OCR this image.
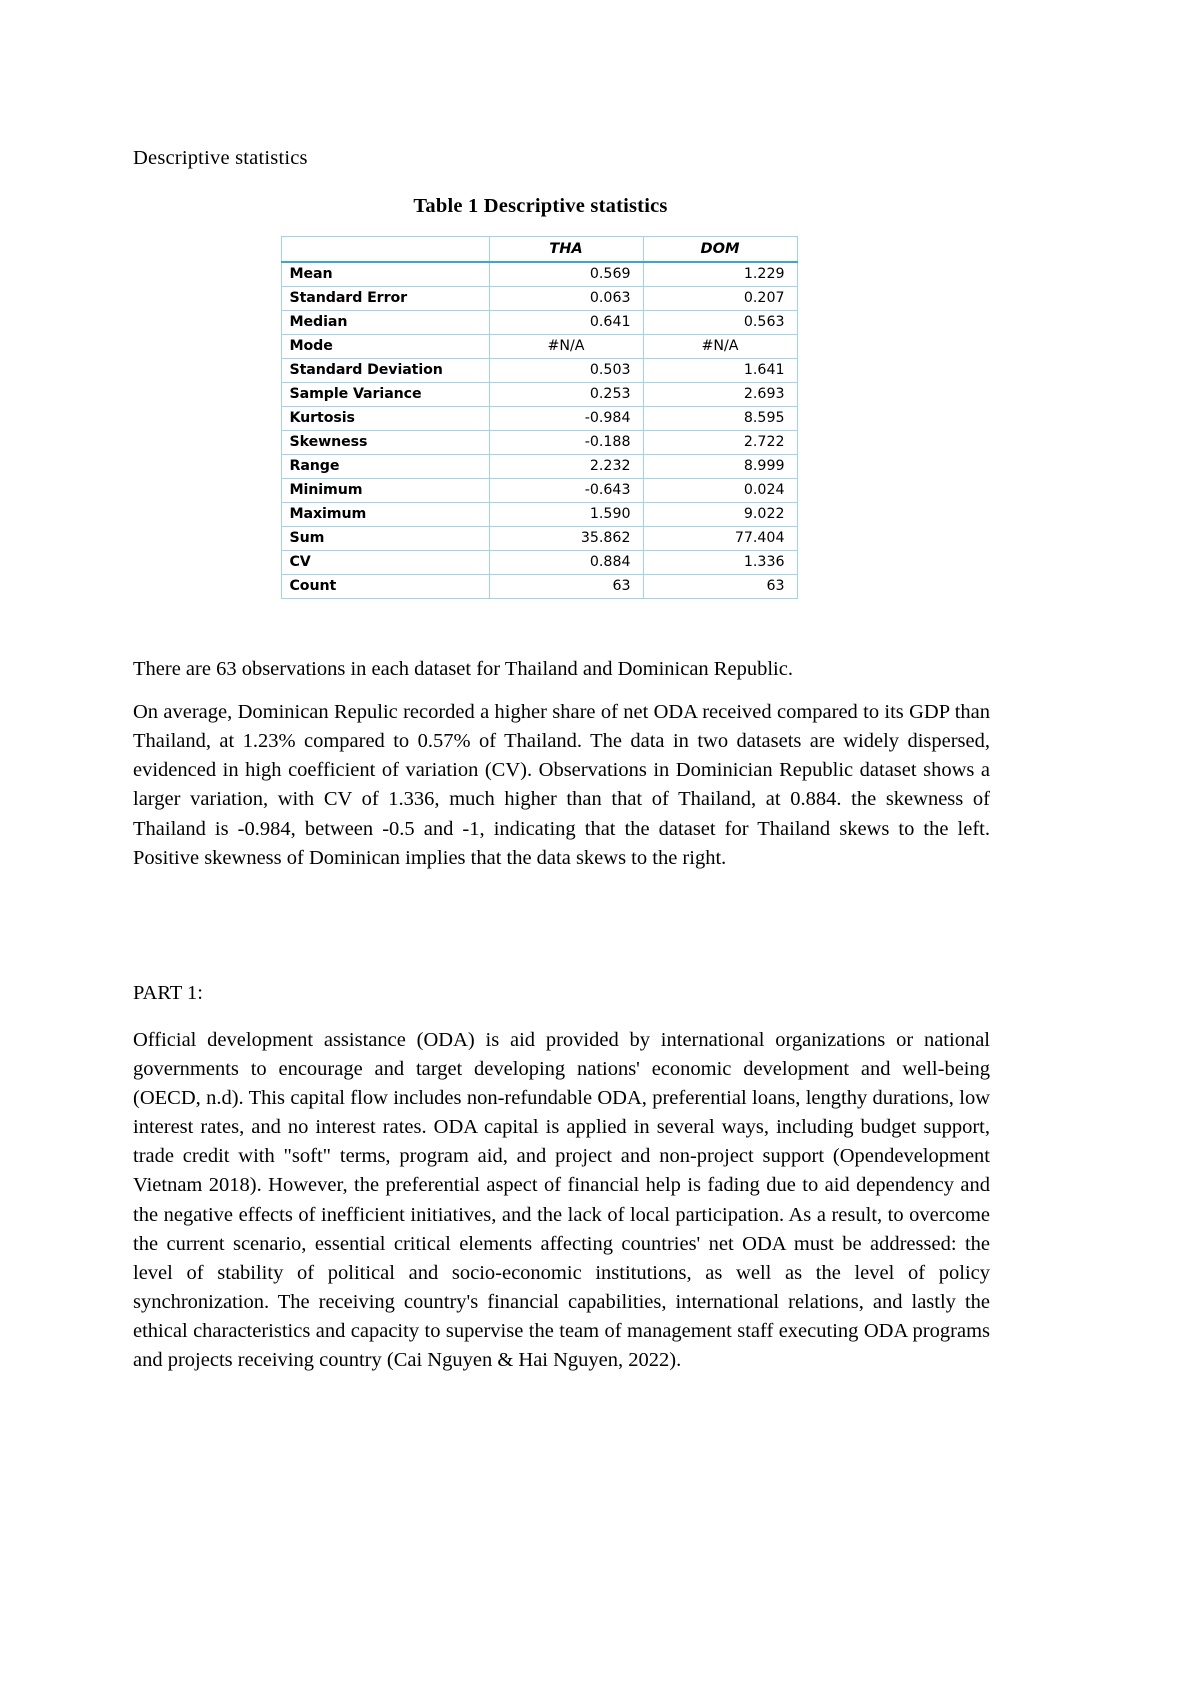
Descriptive statistics

Table 1 Descriptive statistics

	THA	DOM
Mean	0.569	1.229
Standard Error	0.063	0.207
Median	0.641	0.563
Mode	#N/A	#N/A
Standard Deviation	0.503	1.641
Sample Variance	0.253	2.693
Kurtosis	-0.984	8.595
Skewness	-0.188	2.722
Range	2.232	8.999
Minimum	-0.643	0.024
Maximum	1.590	9.022
Sum	35.862	77.404
CV	0.884	1.336
Count	63	63

There are 63 observations in each dataset for Thailand and Dominican Republic.

On average, Dominican Repulic recorded a higher share of net ODA received compared to its GDP than Thailand, at 1.23% compared to 0.57% of Thailand. The data in two datasets are widely dispersed, evidenced in high coefficient of variation (CV). Observations in Dominician Republic dataset shows a larger variation, with CV of 1.336, much higher than that of Thailand, at 0.884. the skewness of Thailand is -0.984, between -0.5 and -1, indicating that the dataset for Thailand skews to the left. Positive skewness of Dominican implies that the data skews to the right.

PART 1:

Official development assistance (ODA) is aid provided by international organizations or national governments to encourage and target developing nations' economic development and well-being (OECD, n.d). This capital flow includes non-refundable ODA, preferential loans, lengthy durations, low interest rates, and no interest rates. ODA capital is applied in several ways, including budget support, trade credit with "soft" terms, program aid, and project and non-project support (Opendevelopment Vietnam 2018). However, the preferential aspect of financial help is fading due to aid dependency and the negative effects of inefficient initiatives, and the lack of local participation. As a result, to overcome the current scenario, essential critical elements affecting countries' net ODA must be addressed: the level of stability of political and socio-economic institutions, as well as the level of policy synchronization. The receiving country's financial capabilities, international relations, and lastly the ethical characteristics and capacity to supervise the team of management staff executing ODA programs and projects receiving country (Cai Nguyen & Hai Nguyen, 2022).
